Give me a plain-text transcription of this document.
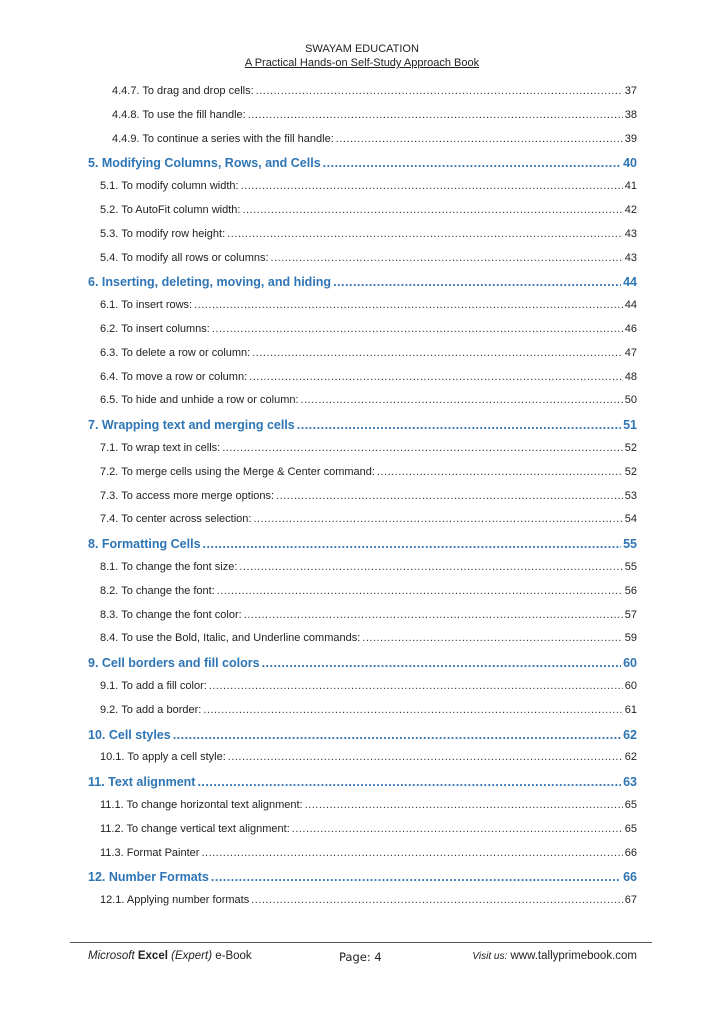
SWAYAM EDUCATION
A Practical Hands-on Self-Study Approach Book
4.4.7. To drag and drop cells: .....	37
4.4.8. To use the fill handle: .....	38
4.4.9. To continue a series with the fill handle: .....	39
5. Modifying Columns, Rows, and Cells .....	40
5.1. To modify column width: .....	41
5.2. To AutoFit column width: .....	42
5.3. To modify row height: .....	43
5.4. To modify all rows or columns: .....	43
6. Inserting, deleting, moving, and hiding .....	44
6.1. To insert rows: .....	44
6.2. To insert columns: .....	46
6.3. To delete a row or column: .....	47
6.4. To move a row or column: .....	48
6.5. To hide and unhide a row or column: .....	50
7. Wrapping text and merging cells .....	51
7.1. To wrap text in cells: .....	52
7.2. To merge cells using the Merge & Center command: .....	52
7.3. To access more merge options: .....	53
7.4. To center across selection: .....	54
8. Formatting Cells .....	55
8.1. To change the font size: .....	55
8.2. To change the font: .....	56
8.3. To change the font color: .....	57
8.4. To use the Bold, Italic, and Underline commands: .....	59
9. Cell borders and fill colors .....	60
9.1. To add a fill color: .....	60
9.2. To add a border: .....	61
10. Cell styles .....	62
10.1. To apply a cell style: .....	62
11. Text alignment .....	63
11.1. To change horizontal text alignment: .....	65
11.2. To change vertical text alignment: .....	65
11.3. Format Painter .....	66
12. Number Formats .....	66
12.1. Applying number formats .....	67
Microsoft Excel (Expert) e-Book	Page: 4	Visit us: www.tallyprimebook.com
